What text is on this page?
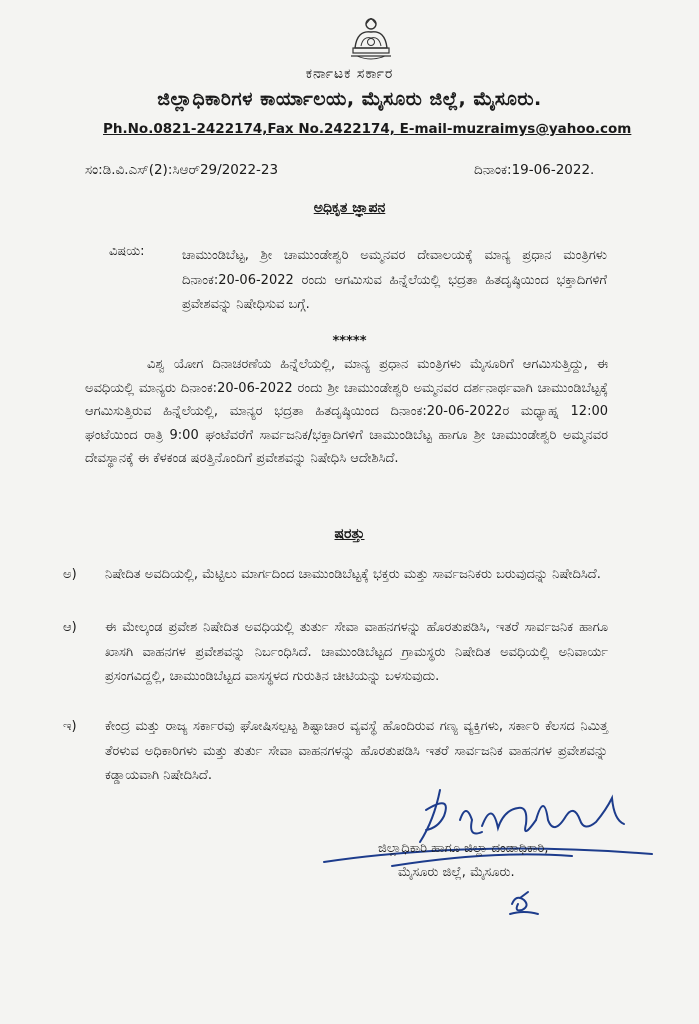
ಕರ್ನಾಟಕ ಸರ್ಕಾರ
ಜಿಲ್ಲಾಧಿಕಾರಿಗಳ ಕಾರ್ಯಾಲಯ, ಮೈಸೂರು ಜಿಲ್ಲೆ, ಮೈಸೂರು.
Ph.No.0821-2422174,Fax No.2422174, E-mail-muzraimys@yahoo.com
ಸಂ:ಡಿ.ವಿ.ಎಸ್(2):ಸಿಆರ್29/2022-23	ದಿನಾಂಕ:19-06-2022.
ಅಧಿಕೃತ ಜ್ಞಾಪನ
ವಿಷಯ:	ಚಾಮುಂಡಿಬೆಟ್ಟ, ಶ್ರೀ ಚಾಮುಂಡೇಶ್ವರಿ ಅಮ್ಮನವರ ದೇವಾಲಯಕ್ಕೆ ಮಾನ್ಯ ಪ್ರಧಾನ ಮಂತ್ರಿಗಳು ದಿನಾಂಕ:20-06-2022 ರಂದು ಆಗಮಿಸುವ ಹಿನ್ನೆಲೆಯಲ್ಲಿ ಭದ್ರತಾ ಹಿತದೃಷ್ಠಿಯಿಂದ ಭಕ್ತಾದಿಗಳಿಗೆ ಪ್ರವೇಶವನ್ನು ನಿಷೇಧಿಸುವ ಬಗ್ಗೆ.
*****
ವಿಶ್ವ ಯೋಗ ದಿನಾಚರಣೆಯ ಹಿನ್ನೆಲೆಯಲ್ಲಿ, ಮಾನ್ಯ ಪ್ರಧಾನ ಮಂತ್ರಿಗಳು ಮೈಸೂರಿಗೆ ಆಗಮಿಸುತ್ತಿದ್ದು, ಈ ಅವಧಿಯಲ್ಲಿ ಮಾನ್ಯರು ದಿನಾಂಕ:20-06-2022 ರಂದು ಶ್ರೀ ಚಾಮುಂಡೇಶ್ವರಿ ಅಮ್ಮನವರ ದರ್ಶನಾರ್ಥವಾಗಿ ಚಾಮುಂಡಿಬೆಟ್ಟಕ್ಕೆ ಆಗಮಿಸುತ್ತಿರುವ ಹಿನ್ನೆಲೆಯಲ್ಲಿ, ಮಾನ್ಯರ ಭದ್ರತಾ ಹಿತದೃಷ್ಠಿಯಿಂದ ದಿನಾಂಕ:20-06-2022ರ ಮಧ್ಯಾಹ್ನ 12:00 ಘಂಟೆಯಿಂದ ರಾತ್ರಿ 9:00 ಘಂಟೆವರೆಗೆ ಸಾರ್ವಜನಿಕ/ಭಕ್ತಾದಿಗಳಿಗೆ ಚಾಮುಂಡಿಬೆಟ್ಟ ಹಾಗೂ ಶ್ರೀ ಚಾಮುಂಡೇಶ್ವರಿ ಅಮ್ಮನವರ ದೇವಸ್ಥಾನಕ್ಕೆ ಈ ಕೆಳಕಂಡ ಷರತ್ತಿನೊಂದಿಗೆ ಪ್ರವೇಶವನ್ನು ನಿಷೇಧಿಸಿ ಆದೇಶಿಸಿದೆ.
ಷರತ್ತು
ಅ) ನಿಷೇದಿತ ಅವದಿಯಲ್ಲಿ, ಮೆಟ್ಟಿಲು ಮಾರ್ಗದಿಂದ ಚಾಮುಂಡಿಬೆಟ್ಟಕ್ಕೆ ಭಕ್ತರು ಮತ್ತು ಸಾರ್ವಜನಿಕರು ಬರುವುದನ್ನು ನಿಷೇದಿಸಿದೆ.
ಆ) ಈ ಮೇಲ್ಕಂಡ ಪ್ರವೇಶ ನಿಷೇದಿತ ಅವಧಿಯಲ್ಲಿ ತುರ್ತು ಸೇವಾ ವಾಹನಗಳನ್ನು ಹೊರತುಪಡಿಸಿ, ಇತರೆ ಸಾರ್ವಜನಿಕ ಹಾಗೂ ಖಾಸಗಿ ವಾಹನಗಳ ಪ್ರವೇಶವನ್ನು ನಿರ್ಬಂಧಿಸಿದೆ. ಚಾಮುಂಡಿಬೆಟ್ಟದ ಗ್ರಾಮಸ್ಥರು ನಿಷೇದಿತ ಅವಧಿಯಲ್ಲಿ ಅನಿವಾರ್ಯ ಪ್ರಸಂಗವಿದ್ದಲ್ಲಿ, ಚಾಮುಂಡಿಬೆಟ್ಟದ ವಾಸಸ್ಥಳದ ಗುರುತಿನ ಚೀಟಿಯನ್ನು ಬಳಸುವುದು.
ಇ) ಕೇಂದ್ರ ಮತ್ತು ರಾಜ್ಯ ಸರ್ಕಾರವು ಘೋಷಿಸಲ್ಪಟ್ಟ ಶಿಷ್ಟಾಚಾರ ವ್ಯವಸ್ಥೆ ಹೊಂದಿರುವ ಗಣ್ಯ ವ್ಯಕ್ತಿಗಳು, ಸರ್ಕಾರಿ ಕೆಲಸದ ನಿಮಿತ್ತ ತೆರಳುವ ಅಧಿಕಾರಿಗಳು ಮತ್ತು ತುರ್ತು ಸೇವಾ ವಾಹನಗಳನ್ನು ಹೊರತುಪಡಿಸಿ ಇತರೆ ಸಾರ್ವಜನಿಕ ವಾಹನಗಳ ಪ್ರವೇಶವನ್ನು ಕಡ್ಡಾಯವಾಗಿ ನಿಷೇದಿಸಿದೆ.
ಜಿಲ್ಲಾಧಿಕಾರಿ ಹಾಗೂ ಜಿಲ್ಲಾ ದಂಡಾಧಿಕಾರಿ,
ಮೈಸೂರು ಜಿಲ್ಲೆ, ಮೈಸೂರು.
